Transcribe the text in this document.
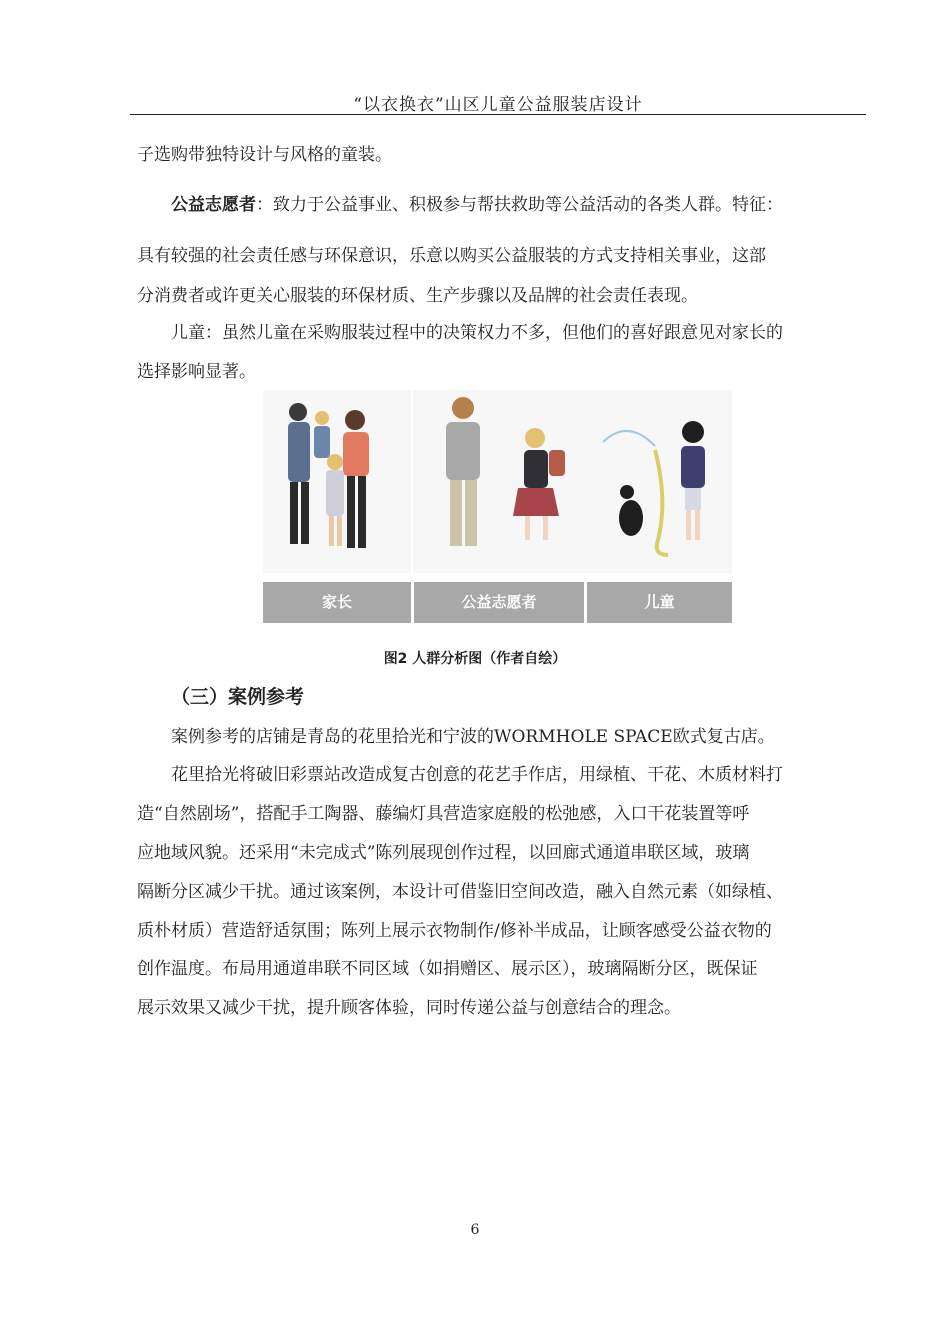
“以衣换衣”山区儿童公益服装店设计
子选购带独特设计与风格的童装。
公益志愿者：致力于公益事业、积极参与帮扶救助等公益活动的各类人群。特征：
具有较强的社会责任感与环保意识，乐意以购买公益服装的方式支持相关事业，这部
分消费者或许更关心服装的环保材质、生产步骤以及品牌的社会责任表现。
儿童：虽然儿童在采购服装过程中的决策权力不多，但他们的喜好跟意见对家长的
选择影响显著。
家长	公益志愿者	儿童
图2 人群分析图（作者自绘）
（三）案例参考
案例参考的店铺是青岛的花里拾光和宁波的WORMHOLE SPACE欧式复古店。
花里拾光将破旧彩票站改造成复古创意的花艺手作店，用绿植、干花、木质材料打
造“自然剧场”，搭配手工陶器、藤编灯具营造家庭般的松弛感，入口干花装置等呼
应地域风貌。还采用“未完成式”陈列展现创作过程，以回廊式通道串联区域，玻璃
隔断分区减少干扰。通过该案例，本设计可借鉴旧空间改造，融入自然元素（如绿植、
质朴材质）营造舒适氛围；陈列上展示衣物制作/修补半成品，让顾客感受公益衣物的
创作温度。布局用通道串联不同区域（如捐赠区、展示区），玻璃隔断分区，既保证
展示效果又减少干扰，提升顾客体验，同时传递公益与创意结合的理念。
6
